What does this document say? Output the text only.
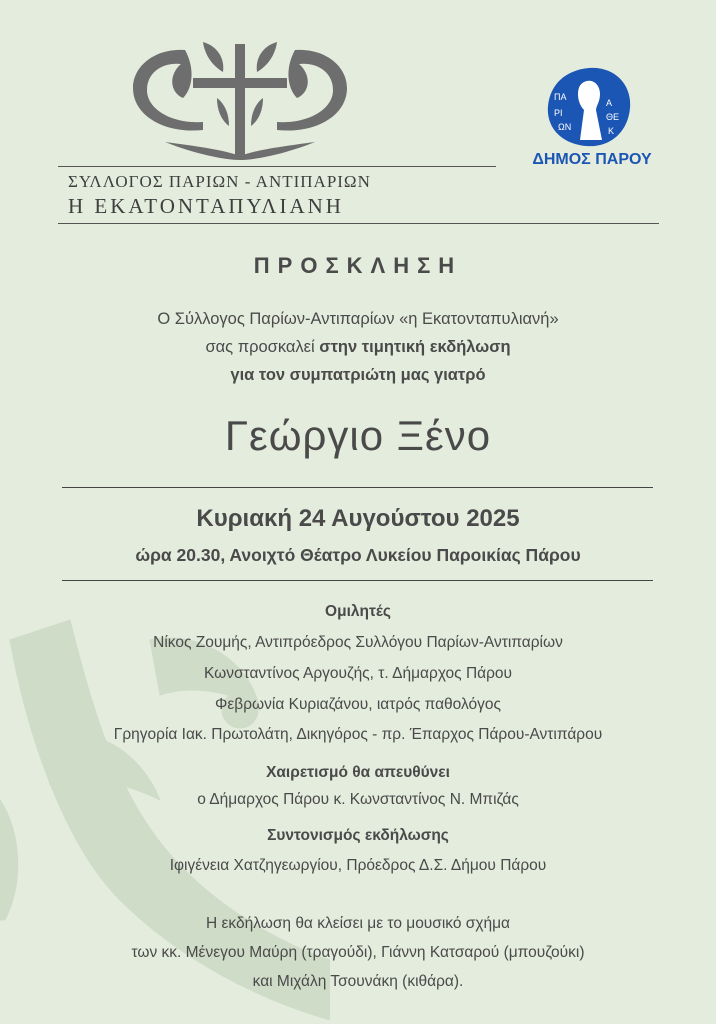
ΣΥΛΛΟΓΟΣ ΠΑΡΙΩΝ - ΑΝΤΙΠΑΡΙΩΝ
Η ΕΚΑΤΟΝΤΑΠΥΛΙΑΝΗ
ΠΑ
ΡΙ
ΩΝ
Α
ΘΕ
Κ
ΔΗΜΟΣ ΠΑΡΟΥ
ΠΡΟΣΚΛΗΣΗ
Ο Σύλλογος Παρίων-Αντιπαρίων «η Εκατονταπυλιανή»
σας προσκαλεί στην τιμητική εκδήλωση
για τον συμπατριώτη μας γιατρό
Γεώργιο Ξένο
Κυριακή 24 Αυγούστου 2025
ώρα 20.30, Ανοιχτό Θέατρο Λυκείου Παροικίας Πάρου
Ομιλητές
Νίκος Ζουμής, Αντιπρόεδρος Συλλόγου Παρίων-Αντιπαρίων
Κωνσταντίνος Αργουζής, τ. Δήμαρχος Πάρου
Φεβρωνία Κυριαζάνου, ιατρός παθολόγος
Γρηγορία Ιακ. Πρωτολάτη, Δικηγόρος - πρ. Έπαρχος Πάρου-Αντιπάρου
Χαιρετισμό θα απευθύνει
ο Δήμαρχος Πάρου κ. Κωνσταντίνος Ν. Μπιζάς
Συντονισμός εκδήλωσης
Ιφιγένεια Χατζηγεωργίου, Πρόεδρος Δ.Σ. Δήμου Πάρου
Η εκδήλωση θα κλείσει με το μουσικό σχήμα
των κκ. Μένεγου Μαύρη (τραγούδι), Γιάννη Κατσαρού (μπουζούκι)
και Μιχάλη Τσουνάκη (κιθάρα).
